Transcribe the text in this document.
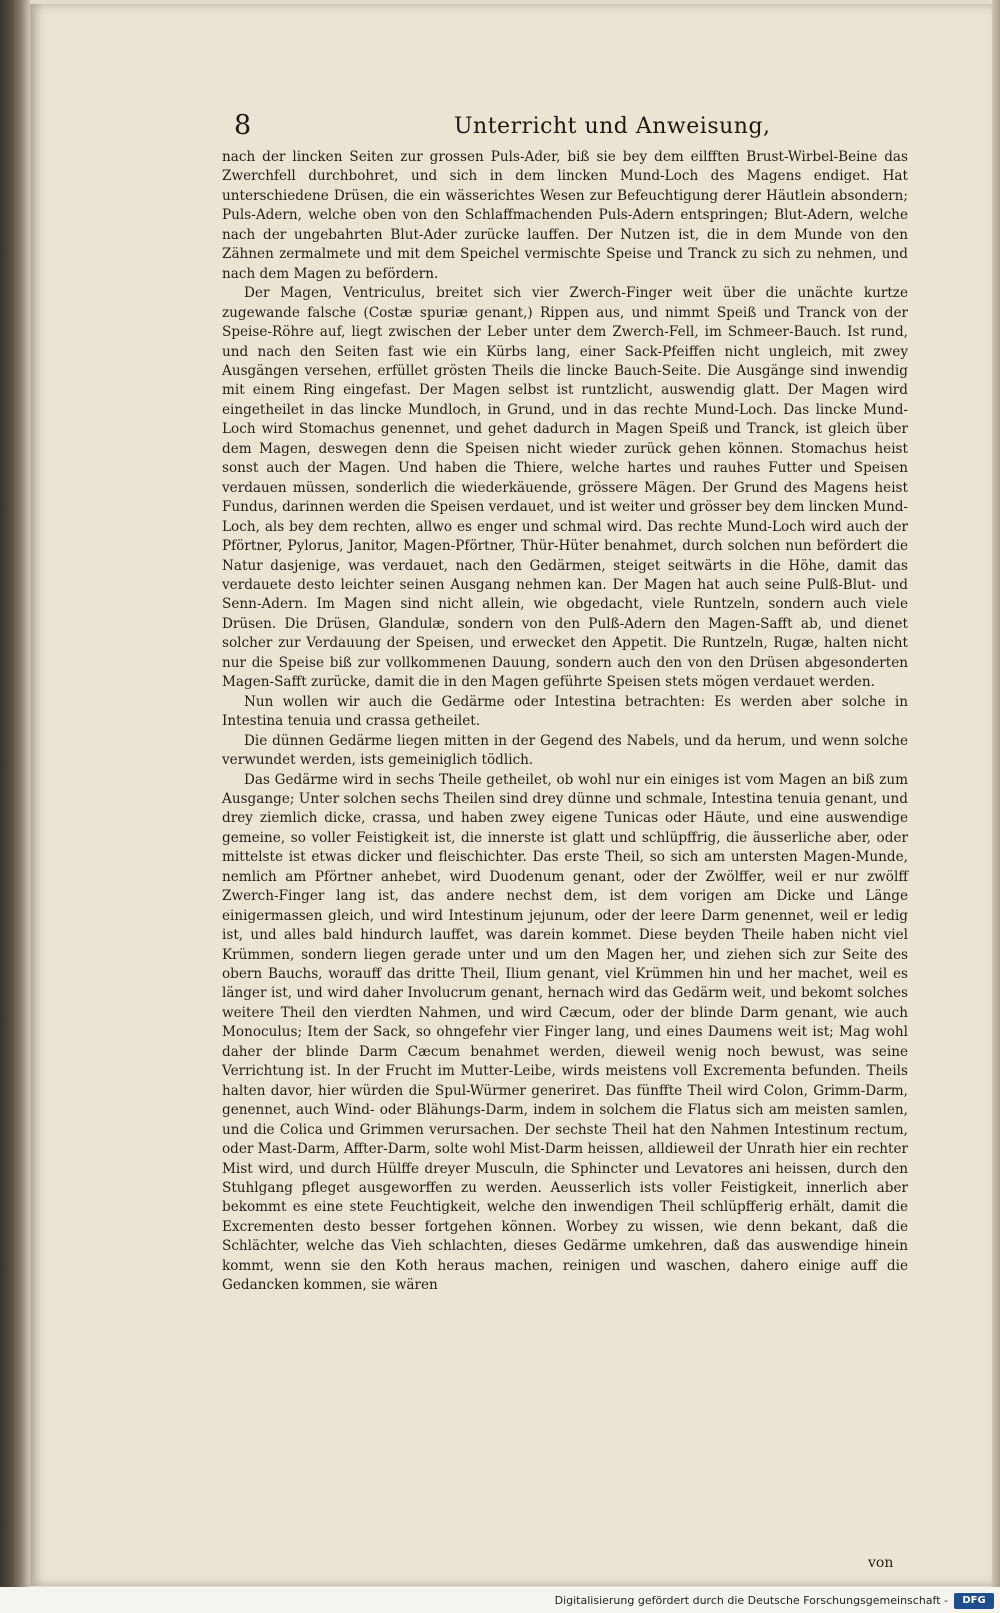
8	Unterricht und Anweisung,

nach der lincken Seiten zur grossen Puls-Ader, biß sie bey dem eilfften Brust-Wirbel-Beine das Zwerchfell durchbohret, und sich in dem lincken Mund-Loch des Magens endiget. Hat unterschiedene Drüsen, die ein wässerichtes Wesen zur Befeuchtigung derer Häutlein absondern; Puls-Adern, welche oben von den Schlaffmachenden Puls-Adern entspringen; Blut-Adern, welche nach der ungebahrten Blut-Ader zurücke lauffen. Der Nutzen ist, die in dem Munde von den Zähnen zermalmete und mit dem Speichel vermischte Speise und Tranck zu sich zu nehmen, und nach dem Magen zu befördern.

Der Magen, Ventriculus, breitet sich vier Zwerch-Finger weit über die unächte kurtze zugewande falsche (Costæ spuriæ genant,) Rippen aus, und nimmt Speiß und Tranck von der Speise-Röhre auf, liegt zwischen der Leber unter dem Zwerch-Fell, im Schmeer-Bauch. Ist rund, und nach den Seiten fast wie ein Kürbs lang, einer Sack-Pfeiffen nicht ungleich, mit zwey Ausgängen versehen, erfüllet grösten Theils die lincke Bauch-Seite. Die Ausgänge sind inwendig mit einem Ring eingefast. Der Magen selbst ist runtzlicht, auswendig glatt. Der Magen wird eingetheilet in das lincke Mundloch, in Grund, und in das rechte Mund-Loch. Das lincke Mund-Loch wird Stomachus genennet, und gehet dadurch in Magen Speiß und Tranck, ist gleich über dem Magen, deswegen denn die Speisen nicht wieder zurück gehen können. Stomachus heist sonst auch der Magen. Und haben die Thiere, welche hartes und rauhes Futter und Speisen verdauen müssen, sonderlich die wiederkäuende, grössere Mägen. Der Grund des Magens heist Fundus, darinnen werden die Speisen verdauet, und ist weiter und grösser bey dem lincken Mund-Loch, als bey dem rechten, allwo es enger und schmal wird. Das rechte Mund-Loch wird auch der Pförtner, Pylorus, Janitor, Magen-Pförtner, Thür-Hüter benahmet, durch solchen nun befördert die Natur dasjenige, was verdauet, nach den Gedärmen, steiget seitwärts in die Höhe, damit das verdauete desto leichter seinen Ausgang nehmen kan. Der Magen hat auch seine Pulß-Blut- und Senn-Adern. Im Magen sind nicht allein, wie obgedacht, viele Runtzeln, sondern auch viele Drüsen. Die Drüsen, Glandulæ, sondern von den Pulß-Adern den Magen-Safft ab, und dienet solcher zur Verdauung der Speisen, und erwecket den Appetit. Die Runtzeln, Rugæ, halten nicht nur die Speise biß zur vollkommenen Dauung, sondern auch den von den Drüsen abgesonderten Magen-Safft zurücke, damit die in den Magen geführte Speisen stets mögen verdauet werden.

Nun wollen wir auch die Gedärme oder Intestina betrachten: Es werden aber solche in Intestina tenuia und crassa getheilet.

Die dünnen Gedärme liegen mitten in der Gegend des Nabels, und da herum, und wenn solche verwundet werden, ists gemeiniglich tödlich.

Das Gedärme wird in sechs Theile getheilet, ob wohl nur ein einiges ist vom Magen an biß zum Ausgange; Unter solchen sechs Theilen sind drey dünne und schmale, Intestina tenuia genant, und drey ziemlich dicke, crassa, und haben zwey eigene Tunicas oder Häute, und eine auswendige gemeine, so voller Feistigkeit ist, die innerste ist glatt und schlüpffrig, die äusserliche aber, oder mittelste ist etwas dicker und fleischichter. Das erste Theil, so sich am untersten Magen-Munde, nemlich am Pförtner anhebet, wird Duodenum genant, oder der Zwölffer, weil er nur zwölff Zwerch-Finger lang ist, das andere nechst dem, ist dem vorigen am Dicke und Länge einigermassen gleich, und wird Intestinum jejunum, oder der leere Darm genennet, weil er ledig ist, und alles bald hindurch lauffet, was darein kommet. Diese beyden Theile haben nicht viel Krümmen, sondern liegen gerade unter und um den Magen her, und ziehen sich zur Seite des obern Bauchs, worauff das dritte Theil, Ilium genant, viel Krümmen hin und her machet, weil es länger ist, und wird daher Involucrum genant, hernach wird das Gedärm weit, und bekomt solches weitere Theil den vierdten Nahmen, und wird Cæcum, oder der blinde Darm genant, wie auch Monoculus; Item der Sack, so ohngefehr vier Finger lang, und eines Daumens weit ist; Mag wohl daher der blinde Darm Cæcum benahmet werden, dieweil wenig noch bewust, was seine Verrichtung ist. In der Frucht im Mutter-Leibe, wirds meistens voll Excrementa befunden. Theils halten davor, hier würden die Spul-Würmer generiret. Das fünffte Theil wird Colon, Grimm-Darm, genennet, auch Wind- oder Blähungs-Darm, indem in solchem die Flatus sich am meisten samlen, und die Colica und Grimmen verursachen. Der sechste Theil hat den Nahmen Intestinum rectum, oder Mast-Darm, Affter-Darm, solte wohl Mist-Darm heissen, alldieweil der Unrath hier ein rechter Mist wird, und durch Hülffe dreyer Musculn, die Sphincter und Levatores ani heissen, durch den Stuhlgang pfleget ausgeworffen zu werden. Aeusserlich ists voller Feistigkeit, innerlich aber bekommt es eine stete Feuchtigkeit, welche den inwendigen Theil schlüpfferig erhält, damit die Excrementen desto besser fortgehen können. Worbey zu wissen, wie denn bekant, daß die Schlächter, welche das Vieh schlachten, dieses Gedärme umkehren, daß das auswendige hinein kommt, wenn sie den Koth heraus machen, reinigen und waschen, dahero einige auff die Gedancken kommen, sie wären

von
Digitalisierung gefördert durch die Deutsche Forschungsgemeinschaft -	DFG
